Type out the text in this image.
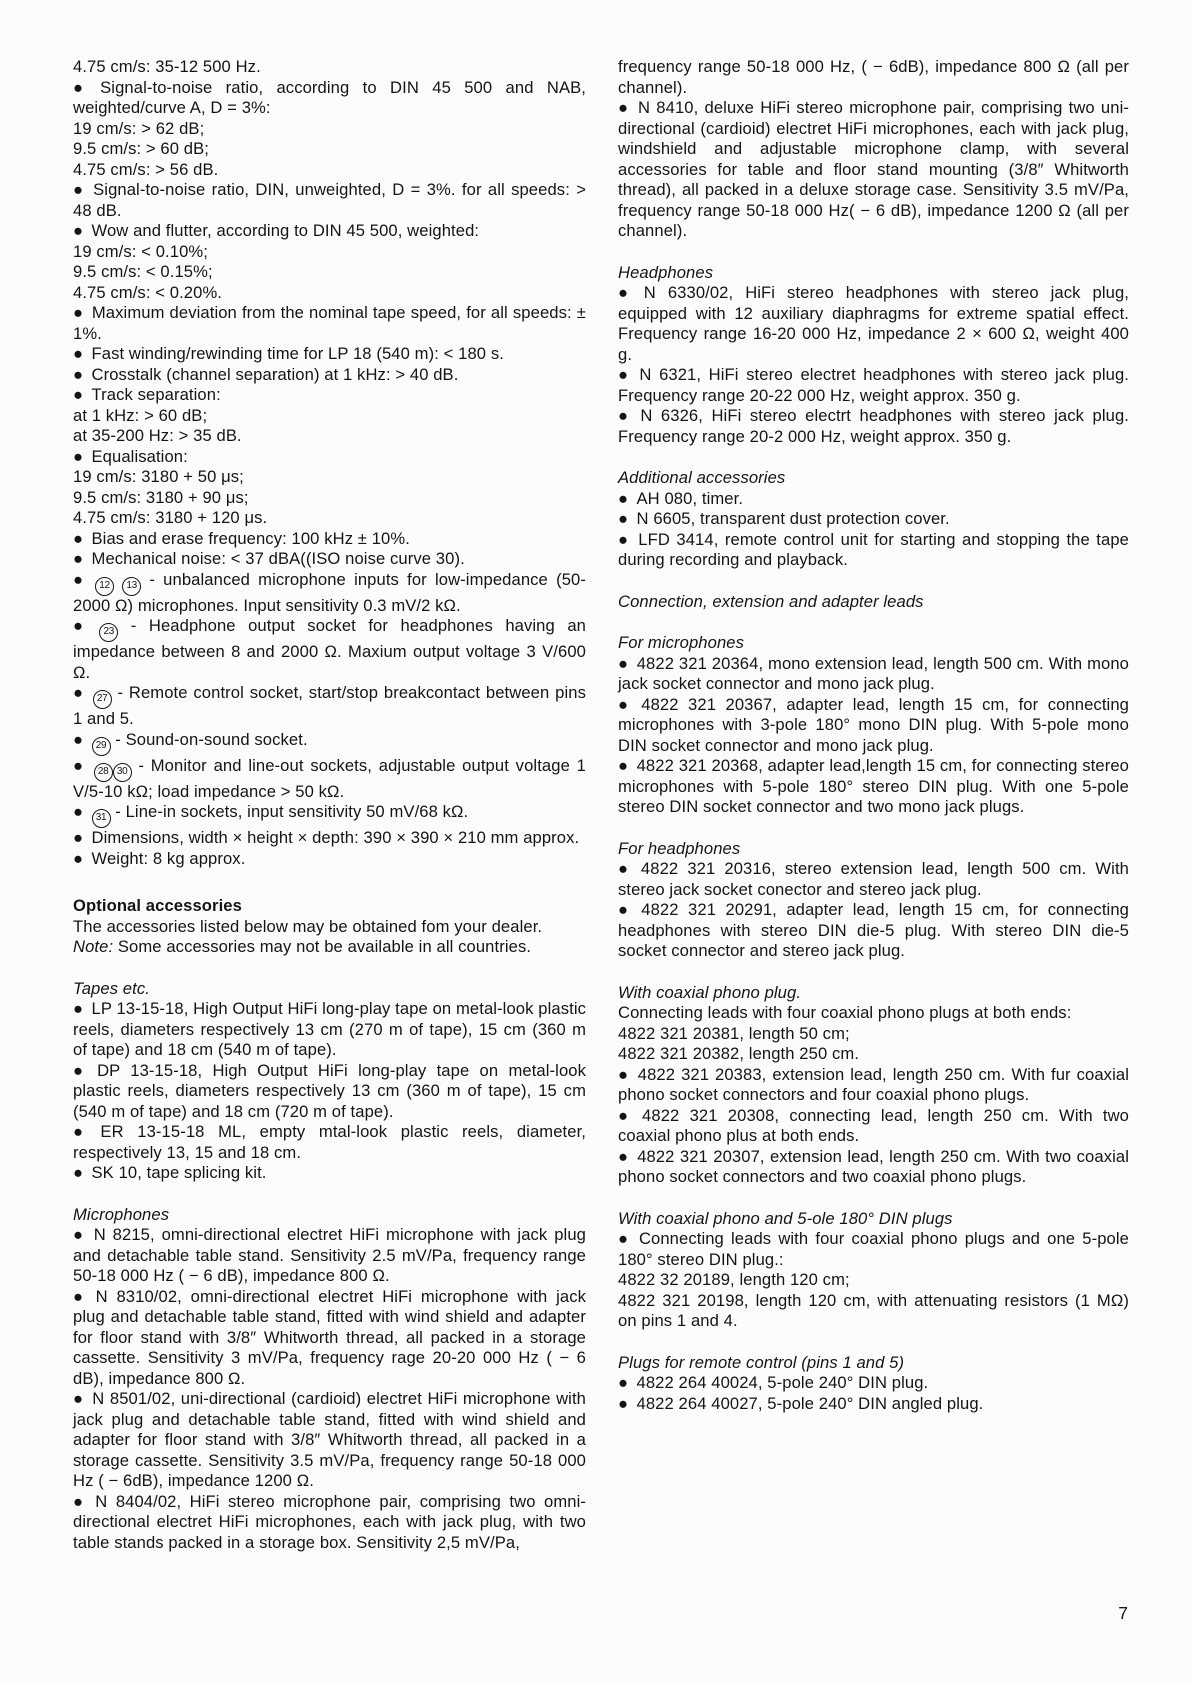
4.75 cm/s: 35-12 500 Hz.

● Signal-to-noise ratio, according to DIN 45 500 and NAB, weighted/curve A, D = 3%:

19 cm/s: > 62 dB;

9.5 cm/s: > 60 dB;

4.75 cm/s: > 56 dB.

● Signal-to-noise ratio, DIN, unweighted, D = 3%. for all speeds: > 48 dB.

● Wow and flutter, according to DIN 45 500, weighted:

19 cm/s: < 0.10%;

9.5 cm/s: < 0.15%;

4.75 cm/s: < 0.20%.

● Maximum deviation from the nominal tape speed, for all speeds: ± 1%.

● Fast winding/rewinding time for LP 18 (540 m): < 180 s.

● Crosstalk (channel separation) at 1 kHz: > 40 dB.

● Track separation:

at 1 kHz: > 60 dB;

at 35-200 Hz: > 35 dB.

● Equalisation:

19 cm/s: 3180 + 50 μs;

9.5 cm/s: 3180 + 90 μs;

4.75 cm/s: 3180 + 120 μs.

● Bias and erase frequency: 100 kHz ± 10%.

● Mechanical noise: < 37 dBA((ISO noise curve 30).

● 12 13 - unbalanced microphone inputs for low-impedance (50-2000 Ω) microphones. Input sensitivity 0.3 mV/2 kΩ.

● 23 - Headphone output socket for headphones having an impedance between 8 and 2000 Ω. Maxium output voltage 3 V/600 Ω.

● 27 - Remote control socket, start/stop breakcontact between pins 1 and 5.

● 29 - Sound-on-sound socket.

● 28 30 - Monitor and line-out sockets, adjustable output voltage 1 V/5-10 kΩ; load impedance > 50 kΩ.

● 31 - Line-in sockets, input sensitivity 50 mV/68 kΩ.

● Dimensions, width × height × depth: 390 × 390 × 210 mm approx.

● Weight: 8 kg approx.

Optional accessories

The accessories listed below may be obtained fom your dealer.

Note: Some accessories may not be available in all countries.

Tapes etc.

● LP 13-15-18, High Output HiFi long-play tape on metal-look plastic reels, diameters respectively 13 cm (270 m of tape), 15 cm (360 m of tape) and 18 cm (540 m of tape).

● DP 13-15-18, High Output HiFi long-play tape on metal-look plastic reels, diameters respectively 13 cm (360 m of tape), 15 cm (540 m of tape) and 18 cm (720 m of tape).

● ER 13-15-18 ML, empty mtal-look plastic reels, diameter, respectively 13, 15 and 18 cm.

● SK 10, tape splicing kit.

Microphones

● N 8215, omni-directional electret HiFi microphone with jack plug and detachable table stand. Sensitivity 2.5 mV/Pa, frequency range 50-18 000 Hz ( − 6 dB), impedance 800 Ω.

● N 8310/02, omni-directional electret HiFi microphone with jack plug and detachable table stand, fitted with wind shield and adapter for floor stand with 3/8″ Whitworth thread, all packed in a storage cassette. Sensitivity 3 mV/Pa, frequency rage 20-20 000 Hz ( − 6 dB), impedance 800 Ω.

● N 8501/02, uni-directional (cardioid) electret HiFi microphone with jack plug and detachable table stand, fitted with wind shield and adapter for floor stand with 3/8″ Whitworth thread, all packed in a storage cassette. Sensitivity 3.5 mV/Pa, frequency range 50-18 000 Hz ( − 6dB), impedance 1200 Ω.

● N 8404/02, HiFi stereo microphone pair, comprising two omni-directional electret HiFi microphones, each with jack plug, with two table stands packed in a storage box. Sensitivity 2,5 mV/Pa,

frequency range 50-18 000 Hz, ( − 6dB), impedance 800 Ω (all per channel).

● N 8410, deluxe HiFi stereo microphone pair, comprising two uni-directional (cardioid) electret HiFi microphones, each with jack plug, windshield and adjustable microphone clamp, with several accessories for table and floor stand mounting (3/8″ Whitworth thread), all packed in a deluxe storage case. Sensitivity 3.5 mV/Pa, frequency range 50-18 000 Hz( − 6 dB), impedance 1200 Ω (all per channel).

Headphones

● N 6330/02, HiFi stereo headphones with stereo jack plug, equipped with 12 auxiliary diaphragms for extreme spatial effect. Frequency range 16-20 000 Hz, impedance 2 × 600 Ω, weight 400 g.

● N 6321, HiFi stereo electret headphones with stereo jack plug. Frequency range 20-22 000 Hz, weight approx. 350 g.

● N 6326, HiFi stereo electrt headphones with stereo jack plug. Frequency range 20-2 000 Hz, weight approx. 350 g.

Additional accessories

● AH 080, timer.

● N 6605, transparent dust protection cover.

● LFD 3414, remote control unit for starting and stopping the tape during recording and playback.

Connection, extension and adapter leads

For microphones

● 4822 321 20364, mono extension lead, length 500 cm. With mono jack socket connector and mono jack plug.

● 4822 321 20367, adapter lead, length 15 cm, for connecting microphones with 3-pole 180° mono DIN plug. With 5-pole mono DIN socket connector and mono jack plug.

● 4822 321 20368, adapter lead,length 15 cm, for connecting stereo microphones with 5-pole 180° stereo DIN plug. With one 5-pole stereo DIN socket connector and two mono jack plugs.

For headphones

● 4822 321 20316, stereo extension lead, length 500 cm. With stereo jack socket conector and stereo jack plug.

● 4822 321 20291, adapter lead, length 15 cm, for connecting headphones with stereo DIN die-5 plug. With stereo DIN die-5 socket connector and stereo jack plug.

With coaxial phono plug.

Connecting leads with four coaxial phono plugs at both ends:

4822 321 20381, length 50 cm;

4822 321 20382, length 250 cm.

● 4822 321 20383, extension lead, length 250 cm. With fur coaxial phono socket connectors and four coaxial phono plugs.

● 4822 321 20308, connecting lead, length 250 cm. With two coaxial phono plus at both ends.

● 4822 321 20307, extension lead, length 250 cm. With two coaxial phono socket connectors and two coaxial phono plugs.

With coaxial phono and 5-ole 180° DIN plugs

● Connecting leads with four coaxial phono plugs and one 5-pole 180° stereo DIN plug.:

4822 32 20189, length 120 cm;

4822 321 20198, length 120 cm, with attenuating resistors (1 MΩ) on pins 1 and 4.

Plugs for remote control (pins 1 and 5)

● 4822 264 40024, 5-pole 240° DIN plug.

● 4822 264 40027, 5-pole 240° DIN angled plug.

7
